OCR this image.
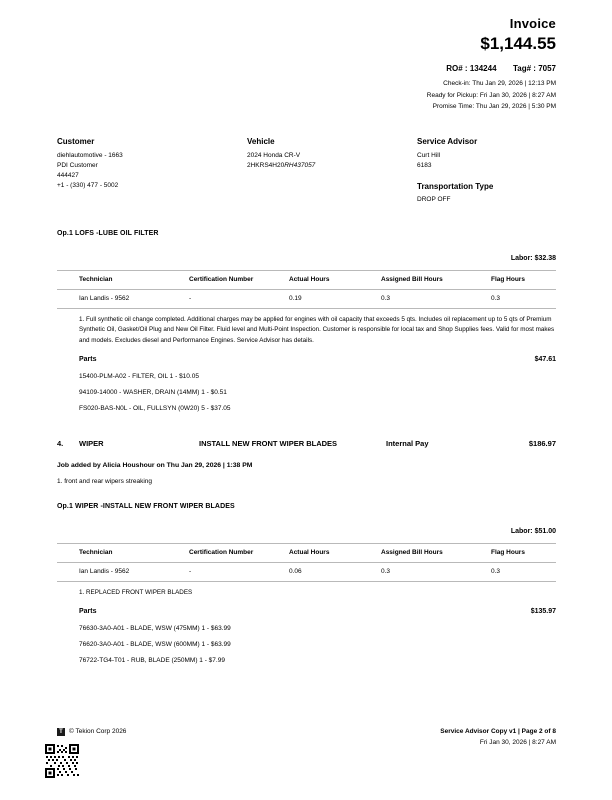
Invoice
$1,144.55
RO# : 134244 Tag# : 7057
Check-in: Thu Jan 29, 2026 | 12:13 PM
Ready for Pickup: Fri Jan 30, 2026 | 8:27 AM
Promise Time: Thu Jan 29, 2026 | 5:30 PM
Customer
diehlautomotive - 1663
PDI Customer
444427
+1 - (330) 477 - 5002
Vehicle
2024 Honda CR-V
2HKRS4H20RH437057
Service Advisor
Curt Hill
6183
Transportation Type
DROP OFF
Op.1 LOFS -LUBE OIL FILTER
Labor: $32.38
Technician	Certification Number	Actual Hours	Assigned Bill Hours	Flag Hours
Ian Landis - 9562	-	0.19	0.3	0.3
1. Full synthetic oil change completed. Additional charges may be applied for engines with oil capacity that exceeds 5 qts. Includes oil replacement up to 5 qts of Premium Synthetic Oil, Gasket/Oil Plug and New Oil Filter. Fluid level and Multi-Point Inspection. Customer is responsible for local tax and Shop Supplies fees. Valid for most makes and models. Excludes diesel and Performance Engines. Service Advisor has details.
Parts	$47.61
15400-PLM-A02 - FILTER, OIL 1 - $10.05
94109-14000 - WASHER, DRAIN (14MM) 1 - $0.51
FS020-BAS-N0L - OIL, FULLSYN (0W20) 5 - $37.05
4.	WIPER	INSTALL NEW FRONT WIPER BLADES	Internal Pay	$186.97
Job added by Alicia Houshour on Thu Jan 29, 2026 | 1:38 PM
1. front and rear wipers streaking
Op.1 WIPER -INSTALL NEW FRONT WIPER BLADES
Labor: $51.00
Technician	Certification Number	Actual Hours	Assigned Bill Hours	Flag Hours
Ian Landis - 9562	-	0.06	0.3	0.3
1. REPLACED FRONT WIPER BLADES
Parts	$135.97
76630-3A0-A01 - BLADE, WSW (475MM) 1 - $63.99
76620-3A0-A01 - BLADE, WSW (600MM) 1 - $63.99
76722-TG4-T01 - RUB, BLADE (250MM) 1 - $7.99
T © Tekion Corp 2026	Service Advisor Copy v1 | Page 2 of 8
Fri Jan 30, 2026 | 8:27 AM
